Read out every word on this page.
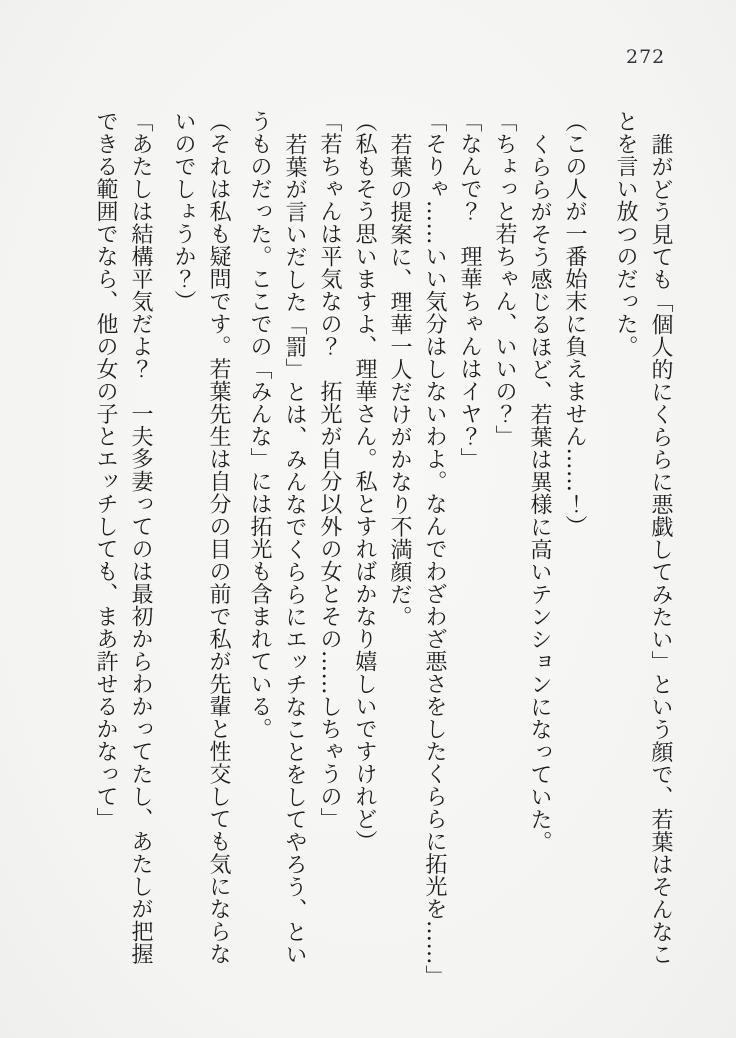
272
誰がどう見ても「個人的にくららに悪戯してみたい」という顔で、若葉はそんなこ
とを言い放つのだった。
（この人が一番始末に負えません……！）
くららがそう感じるほど、若葉は異様に高いテンションになっていた。
「ちょっと若ちゃん、いいの？」
「なんで？　理華ちゃんはイヤ？」
「そりゃ……いい気分はしないわよ。なんでわざわざ悪さをしたくららに拓光を……」
若葉の提案に、理華一人だけがかなり不満顔だ。
（私もそう思いますよ、理華さん。私とすればかなり嬉しいですけれど）
「若ちゃんは平気なの？　拓光が自分以外の女とその……しちゃうの」
若葉が言いだした「罰」とは、みんなでくららにエッチなことをしてやろう、とい
うものだった。ここでの「みんな」には拓光も含まれている。
（それは私も疑問です。若葉先生は自分の目の前で私が先輩と性交しても気にならな
いのでしょうか？）
「あたしは結構平気だよ？　一夫多妻ってのは最初からわかってたし、あたしが把握
できる範囲でなら、他の女の子とエッチしても、まあ許せるかなって」
